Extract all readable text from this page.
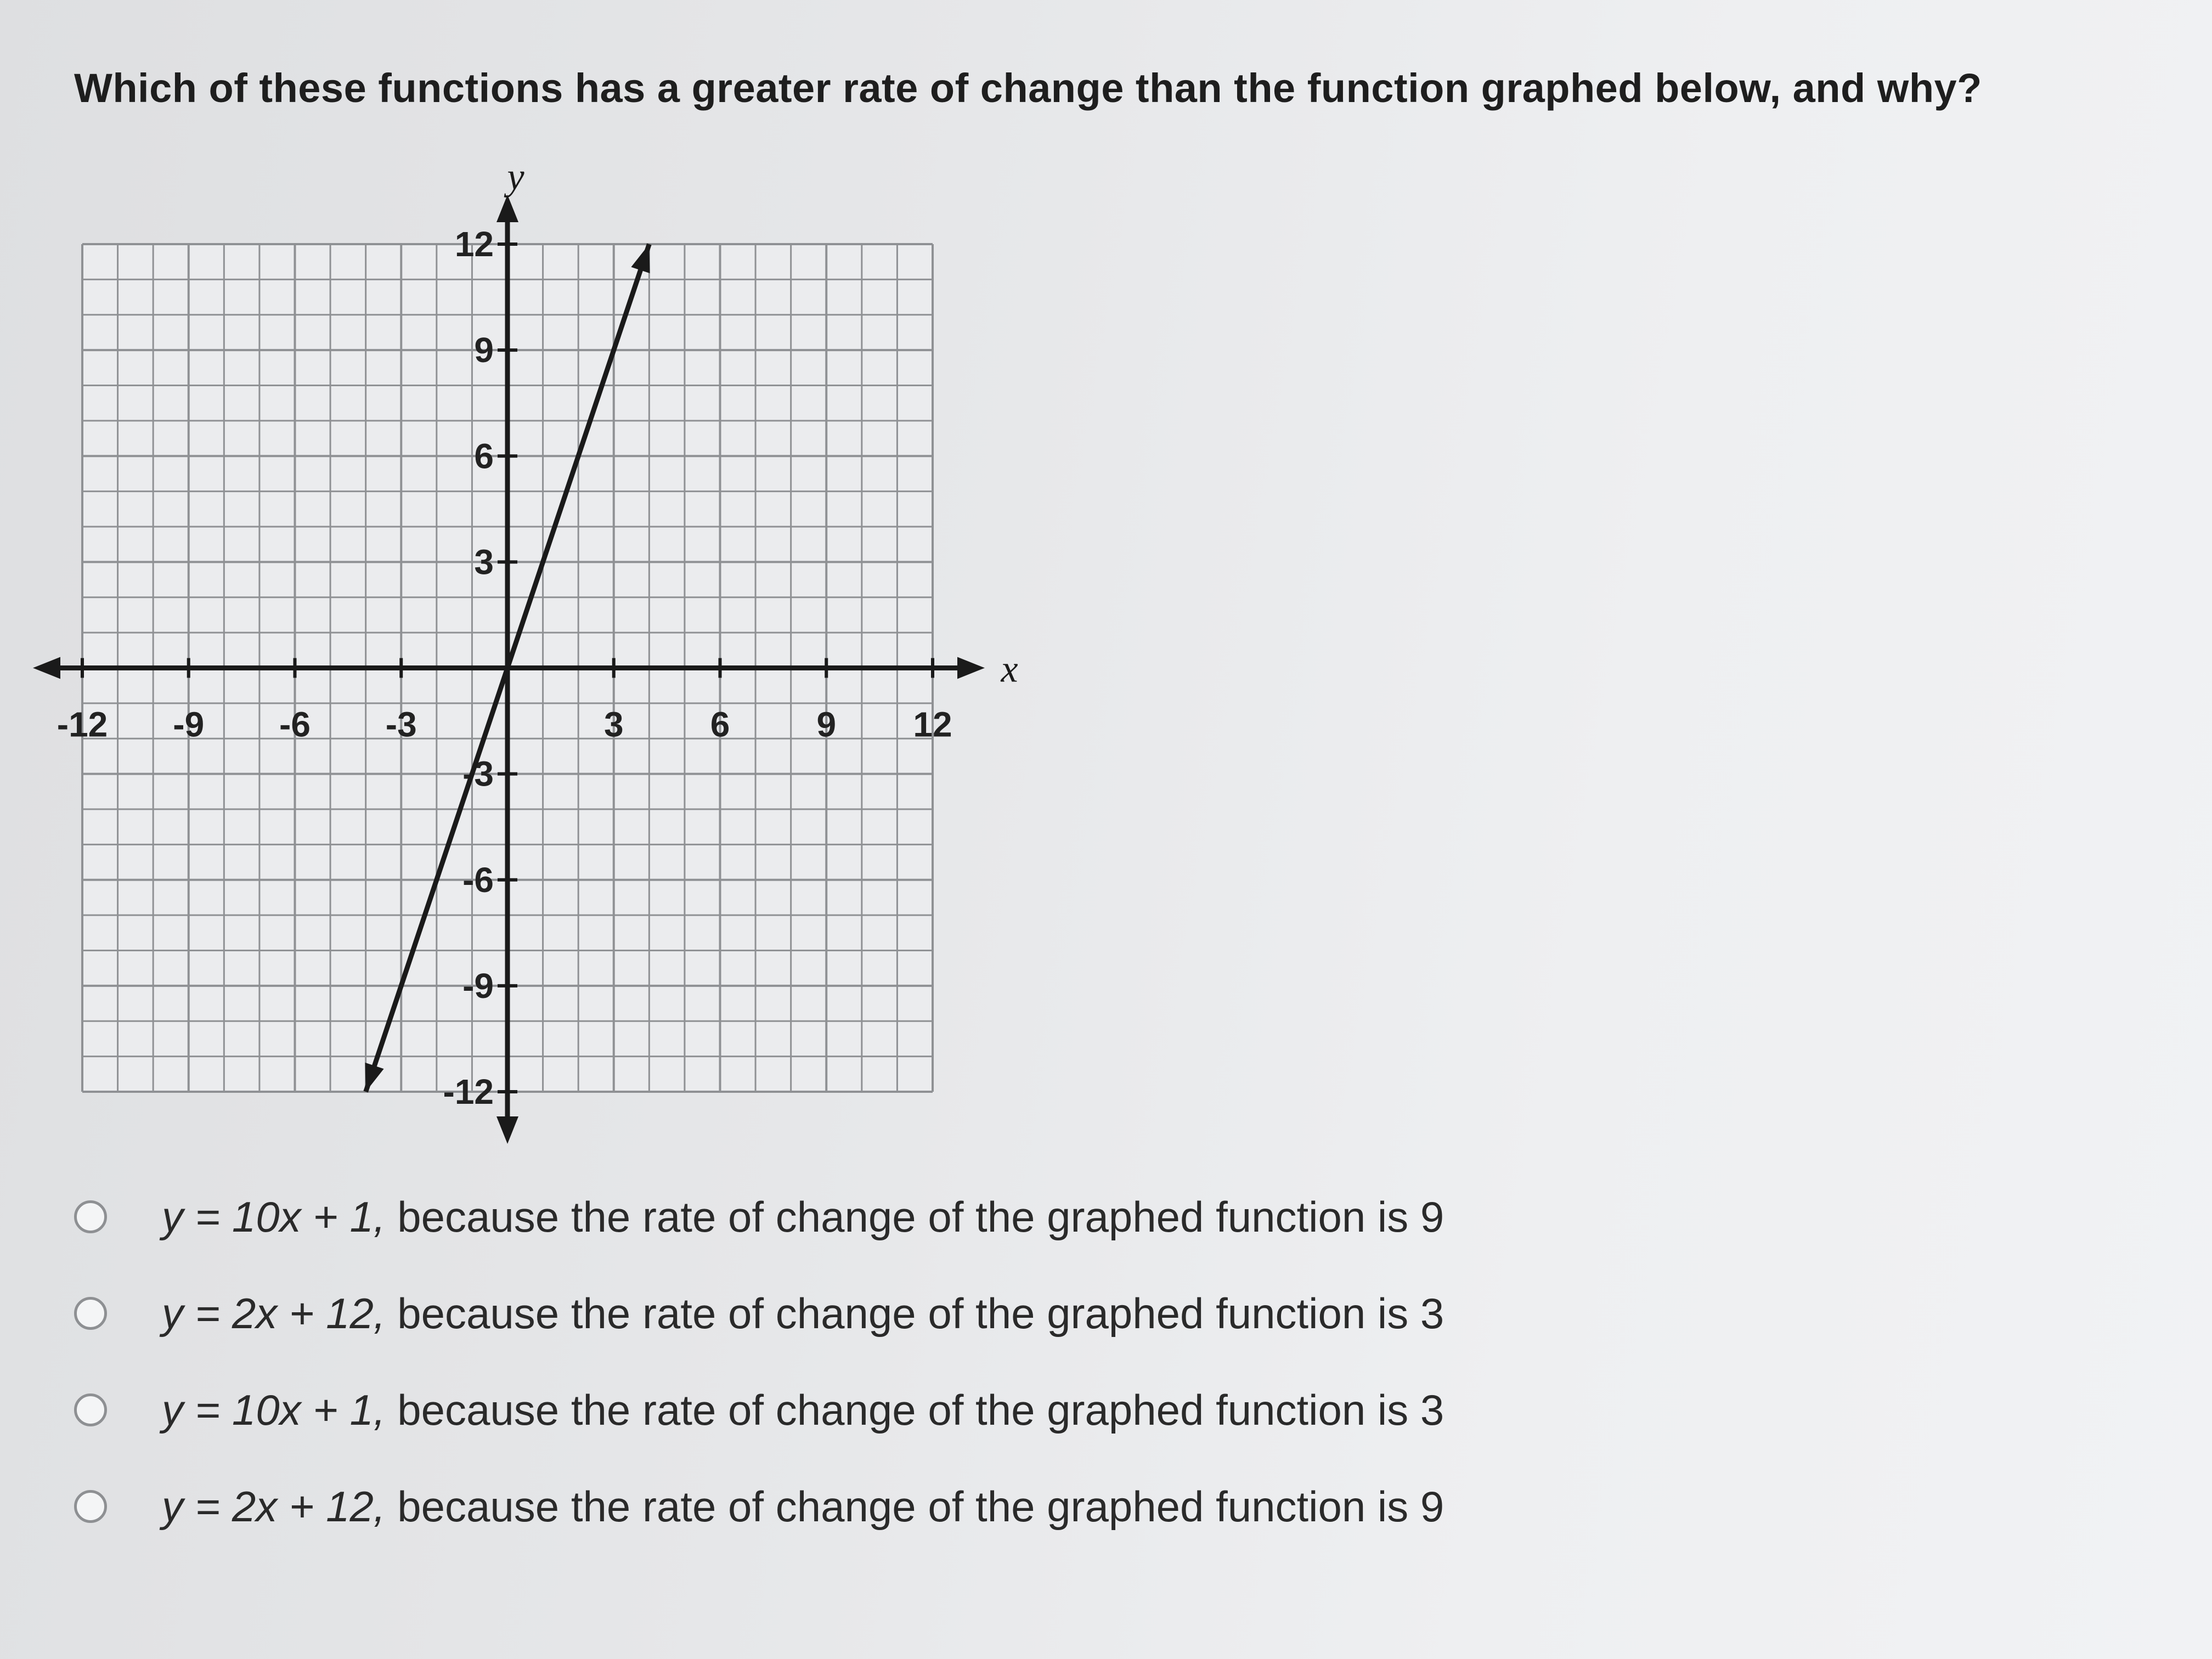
Which of these functions has a greater rate of change than the function graphed below, and why?
x
y
-12 -9 -6 -3	3 6 9 12
12
9
6
3
-3
-6
-9
-12
y = 10x + 1, because the rate of change of the graphed function is 9
y = 2x + 12, because the rate of change of the graphed function is 3
y = 10x + 1, because the rate of change of the graphed function is 3
y = 2x + 12, because the rate of change of the graphed function is 9
